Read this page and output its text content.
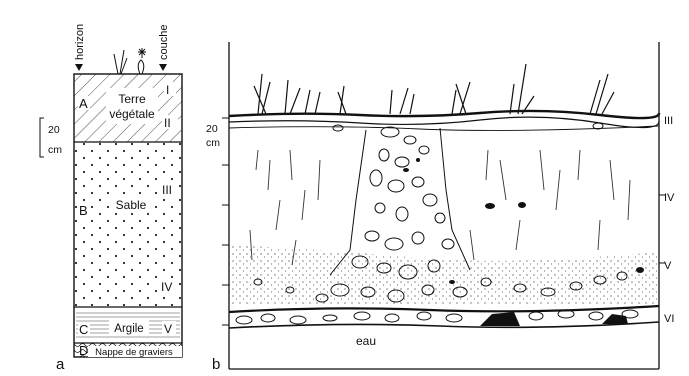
horizon	couche
A
B
C
D
I
II
III
IV
V
Terre
végétale
Sable
Argile
Nappe de graviers
20
cm
a
20
cm
III
IV
V
VI
eau
b
